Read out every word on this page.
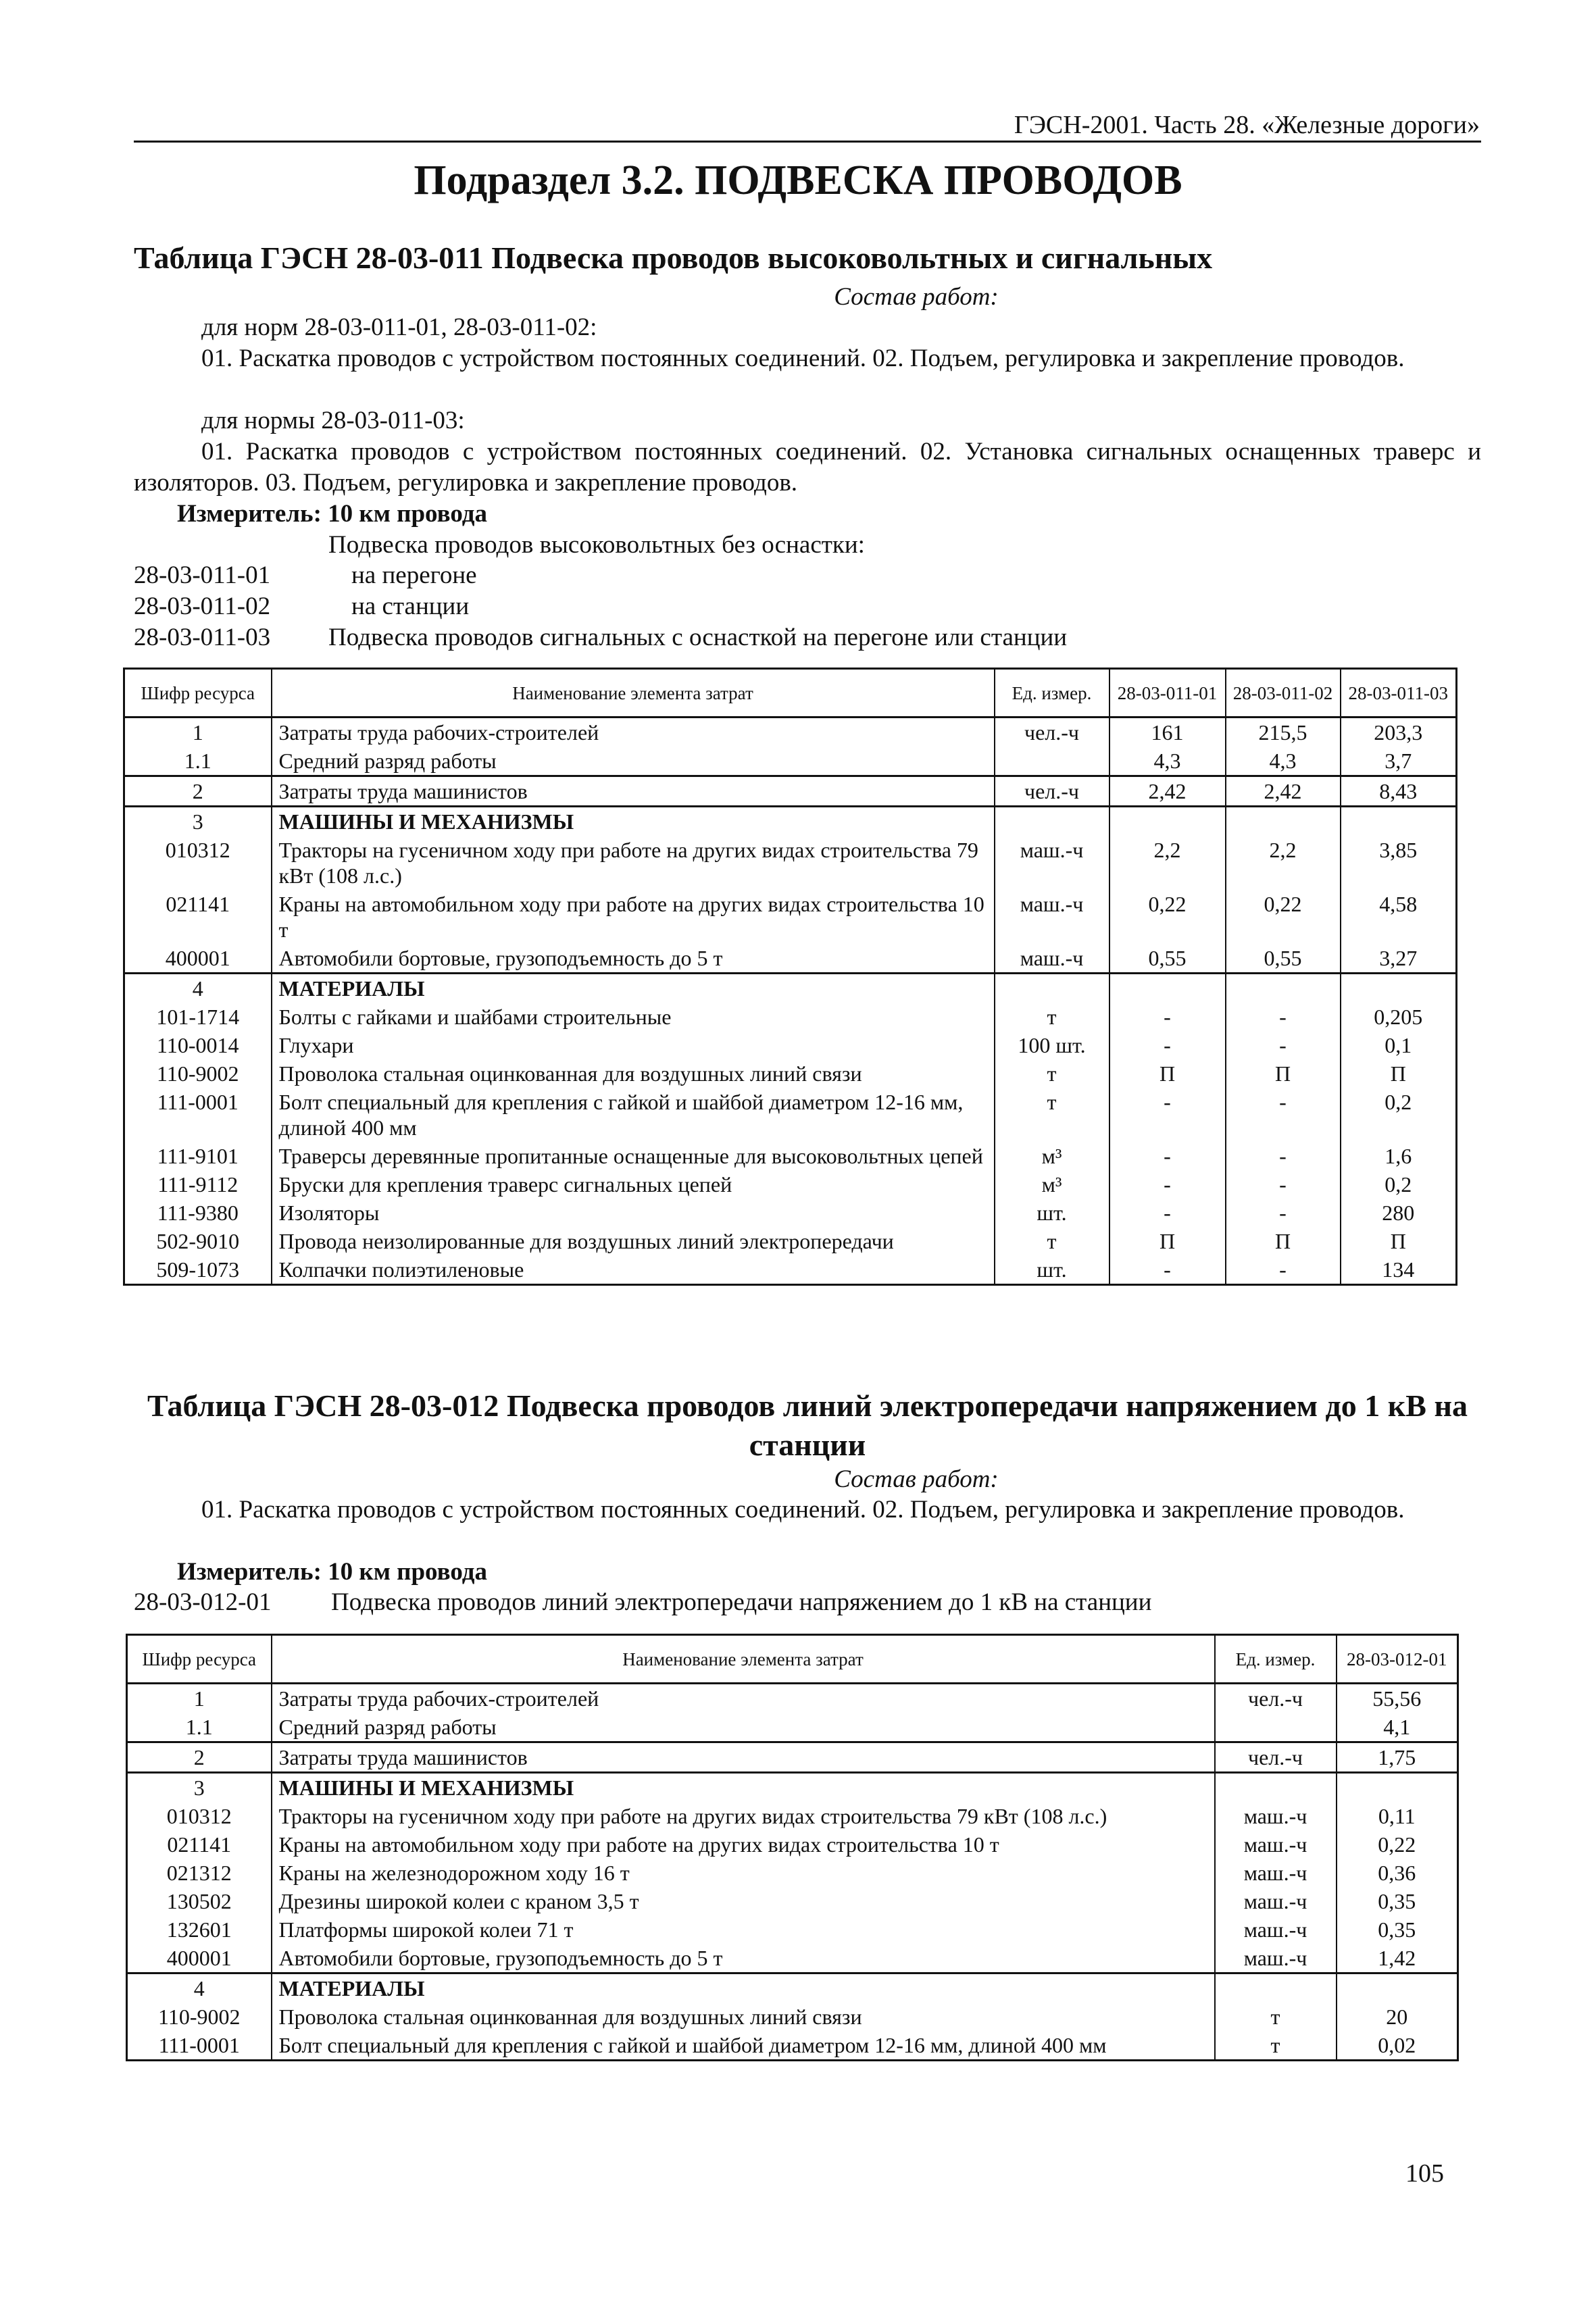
ГЭСН-2001. Часть 28. «Железные дороги»
Подраздел 3.2. ПОДВЕСКА ПРОВОДОВ
Таблица ГЭСН 28-03-011 Подвеска проводов высоковольтных и сигнальных
Состав работ:
для норм 28-03-011-01, 28-03-011-02:
01. Раскатка проводов с устройством постоянных соединений. 02. Подъем, регулировка и закрепление проводов.
для нормы 28-03-011-03:
01. Раскатка проводов с устройством постоянных соединений. 02. Установка сигнальных оснащенных траверс и изоляторов. 03. Подъем, регулировка и закрепление проводов.
Измеритель: 10 км провода
Подвеска проводов высоковольтных без оснастки:
28-03-011-01	на перегоне
28-03-011-02	на станции
28-03-011-03 Подвеска проводов сигнальных с оснасткой на перегоне или станции
Шифр ресурса	Наименование элемента затрат	Ед. измер.	28-03-011-01	28-03-011-02	28-03-011-03
1	Затраты труда рабочих-строителей	чел.-ч	161	215,5	203,3
1.1	Средний разряд работы		4,3	4,3	3,7
2	Затраты труда машинистов	чел.-ч	2,42	2,42	8,43
3	МАШИНЫ И МЕХАНИЗМЫ				
010312	Тракторы на гусеничном ходу при работе на других видах строительства 79 кВт (108 л.с.)	маш.-ч	2,2	2,2	3,85
021141	Краны на автомобильном ходу при работе на других видах строительства 10 т	маш.-ч	0,22	0,22	4,58
400001	Автомобили бортовые, грузоподъемность до 5 т	маш.-ч	0,55	0,55	3,27
4	МАТЕРИАЛЫ				
101-1714	Болты с гайками и шайбами строительные	т	-	-	0,205
110-0014	Глухари	100 шт.	-	-	0,1
110-9002	Проволока стальная оцинкованная для воздушных линий связи	т	П	П	П
111-0001	Болт специальный для крепления с гайкой и шайбой диаметром 12-16 мм, длиной 400 мм	т	-	-	0,2
111-9101	Траверсы деревянные пропитанные оснащенные для высоковольтных цепей	м³	-	-	1,6
111-9112	Бруски для крепления траверс сигнальных цепей	м³	-	-	0,2
111-9380	Изоляторы	шт.	-	-	280
502-9010	Провода неизолированные для воздушных линий электропередачи	т	П	П	П
509-1073	Колпачки полиэтиленовые	шт.	-	-	134
Таблица ГЭСН 28-03-012 Подвеска проводов линий электропередачи напряжением до 1 кВ на станции
Состав работ:
01. Раскатка проводов с устройством постоянных соединений. 02. Подъем, регулировка и закрепление проводов.
Измеритель: 10 км провода
28-03-012-01 Подвеска проводов линий электропередачи напряжением до 1 кВ на станции
Шифр ресурса	Наименование элемента затрат	Ед. измер.	28-03-012-01
1	Затраты труда рабочих-строителей	чел.-ч	55,56
1.1	Средний разряд работы		4,1
2	Затраты труда машинистов	чел.-ч	1,75
3	МАШИНЫ И МЕХАНИЗМЫ		
010312	Тракторы на гусеничном ходу при работе на других видах строительства 79 кВт (108 л.с.)	маш.-ч	0,11
021141	Краны на автомобильном ходу при работе на других видах строительства 10 т	маш.-ч	0,22
021312	Краны на железнодорожном ходу 16 т	маш.-ч	0,36
130502	Дрезины широкой колеи с краном 3,5 т	маш.-ч	0,35
132601	Платформы широкой колеи 71 т	маш.-ч	0,35
400001	Автомобили бортовые, грузоподъемность до 5 т	маш.-ч	1,42
4	МАТЕРИАЛЫ		
110-9002	Проволока стальная оцинкованная для воздушных линий связи	т	20
111-0001	Болт специальный для крепления с гайкой и шайбой диаметром 12-16 мм, длиной 400 мм	т	0,02
105
